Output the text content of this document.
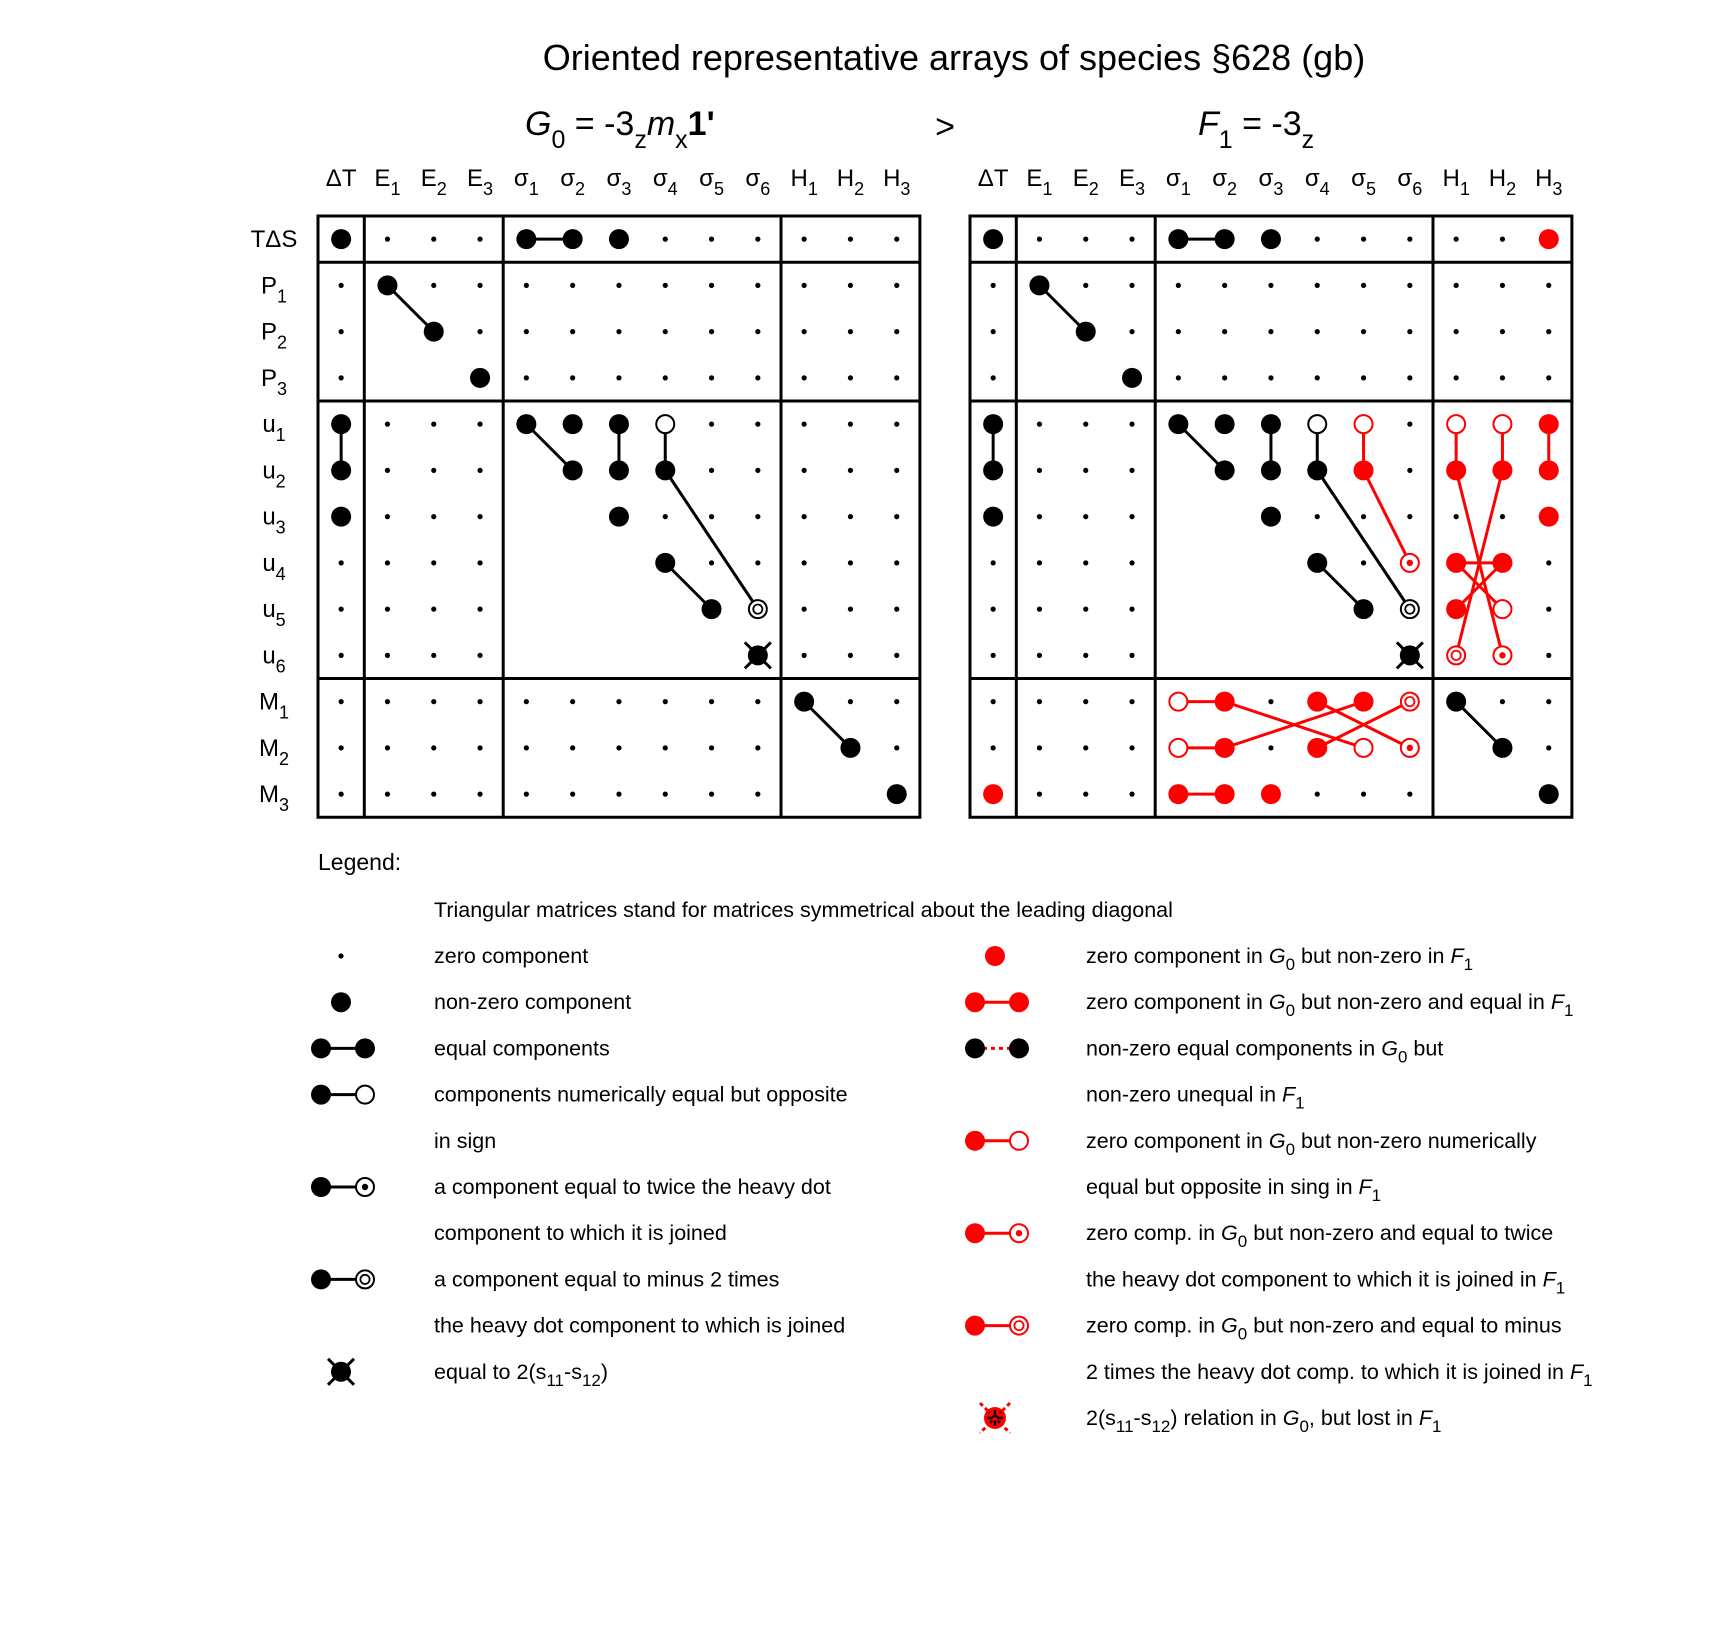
Oriented representative arrays of species §628 (gb)
$G_0 = -3_zm_x1'$	>	$F_1 = -3_z$
ΔT $E_1$ $E_2$ $E_3$ $\sigma_1$ $\sigma_2$ $\sigma_3$ $\sigma_4$ $\sigma_5$ $\sigma_6$ $H_1$ $H_2$ $H_3$
TΔS
$P_1$
$P_2$
$P_3$
$u_1$
$u_2$
$u_3$
$u_4$
$u_5$
$u_6$
$M_1$
$M_2$
$M_3$
ΔT $E_1$ $E_2$ $E_3$ $\sigma_1$ $\sigma_2$ $\sigma_3$ $\sigma_4$ $\sigma_5$ $\sigma_6$ $H_1$ $H_2$ $H_3$
Legend:
Triangular matrices stand for matrices symmetrical about the leading diagonal
zero component
non-zero component
equal components
components numerically equal but opposite
in sign
a component equal to twice the heavy dot
component to which it is joined
a component equal to minus 2 times
the heavy dot component to which is joined
equal to $2(s_{11}-s_{12})$
zero component in $G_0$ but non-zero in $F_1$
zero component in $G_0$ but non-zero and equal in $F_1$
non-zero equal components in $G_0$ but
non-zero unequal in $F_1$
zero component in $G_0$ but non-zero numerically
equal but opposite in sing in $F_1$
zero comp. in $G_0$ but non-zero and equal to twice
the heavy dot component to which it is joined in $F_1$
zero comp. in $G_0$ but non-zero and equal to minus
2 times the heavy dot comp. to which it is joined in $F_1$
$2(s_{11}-s_{12})$ relation in $G_0$, but lost in $F_1$
